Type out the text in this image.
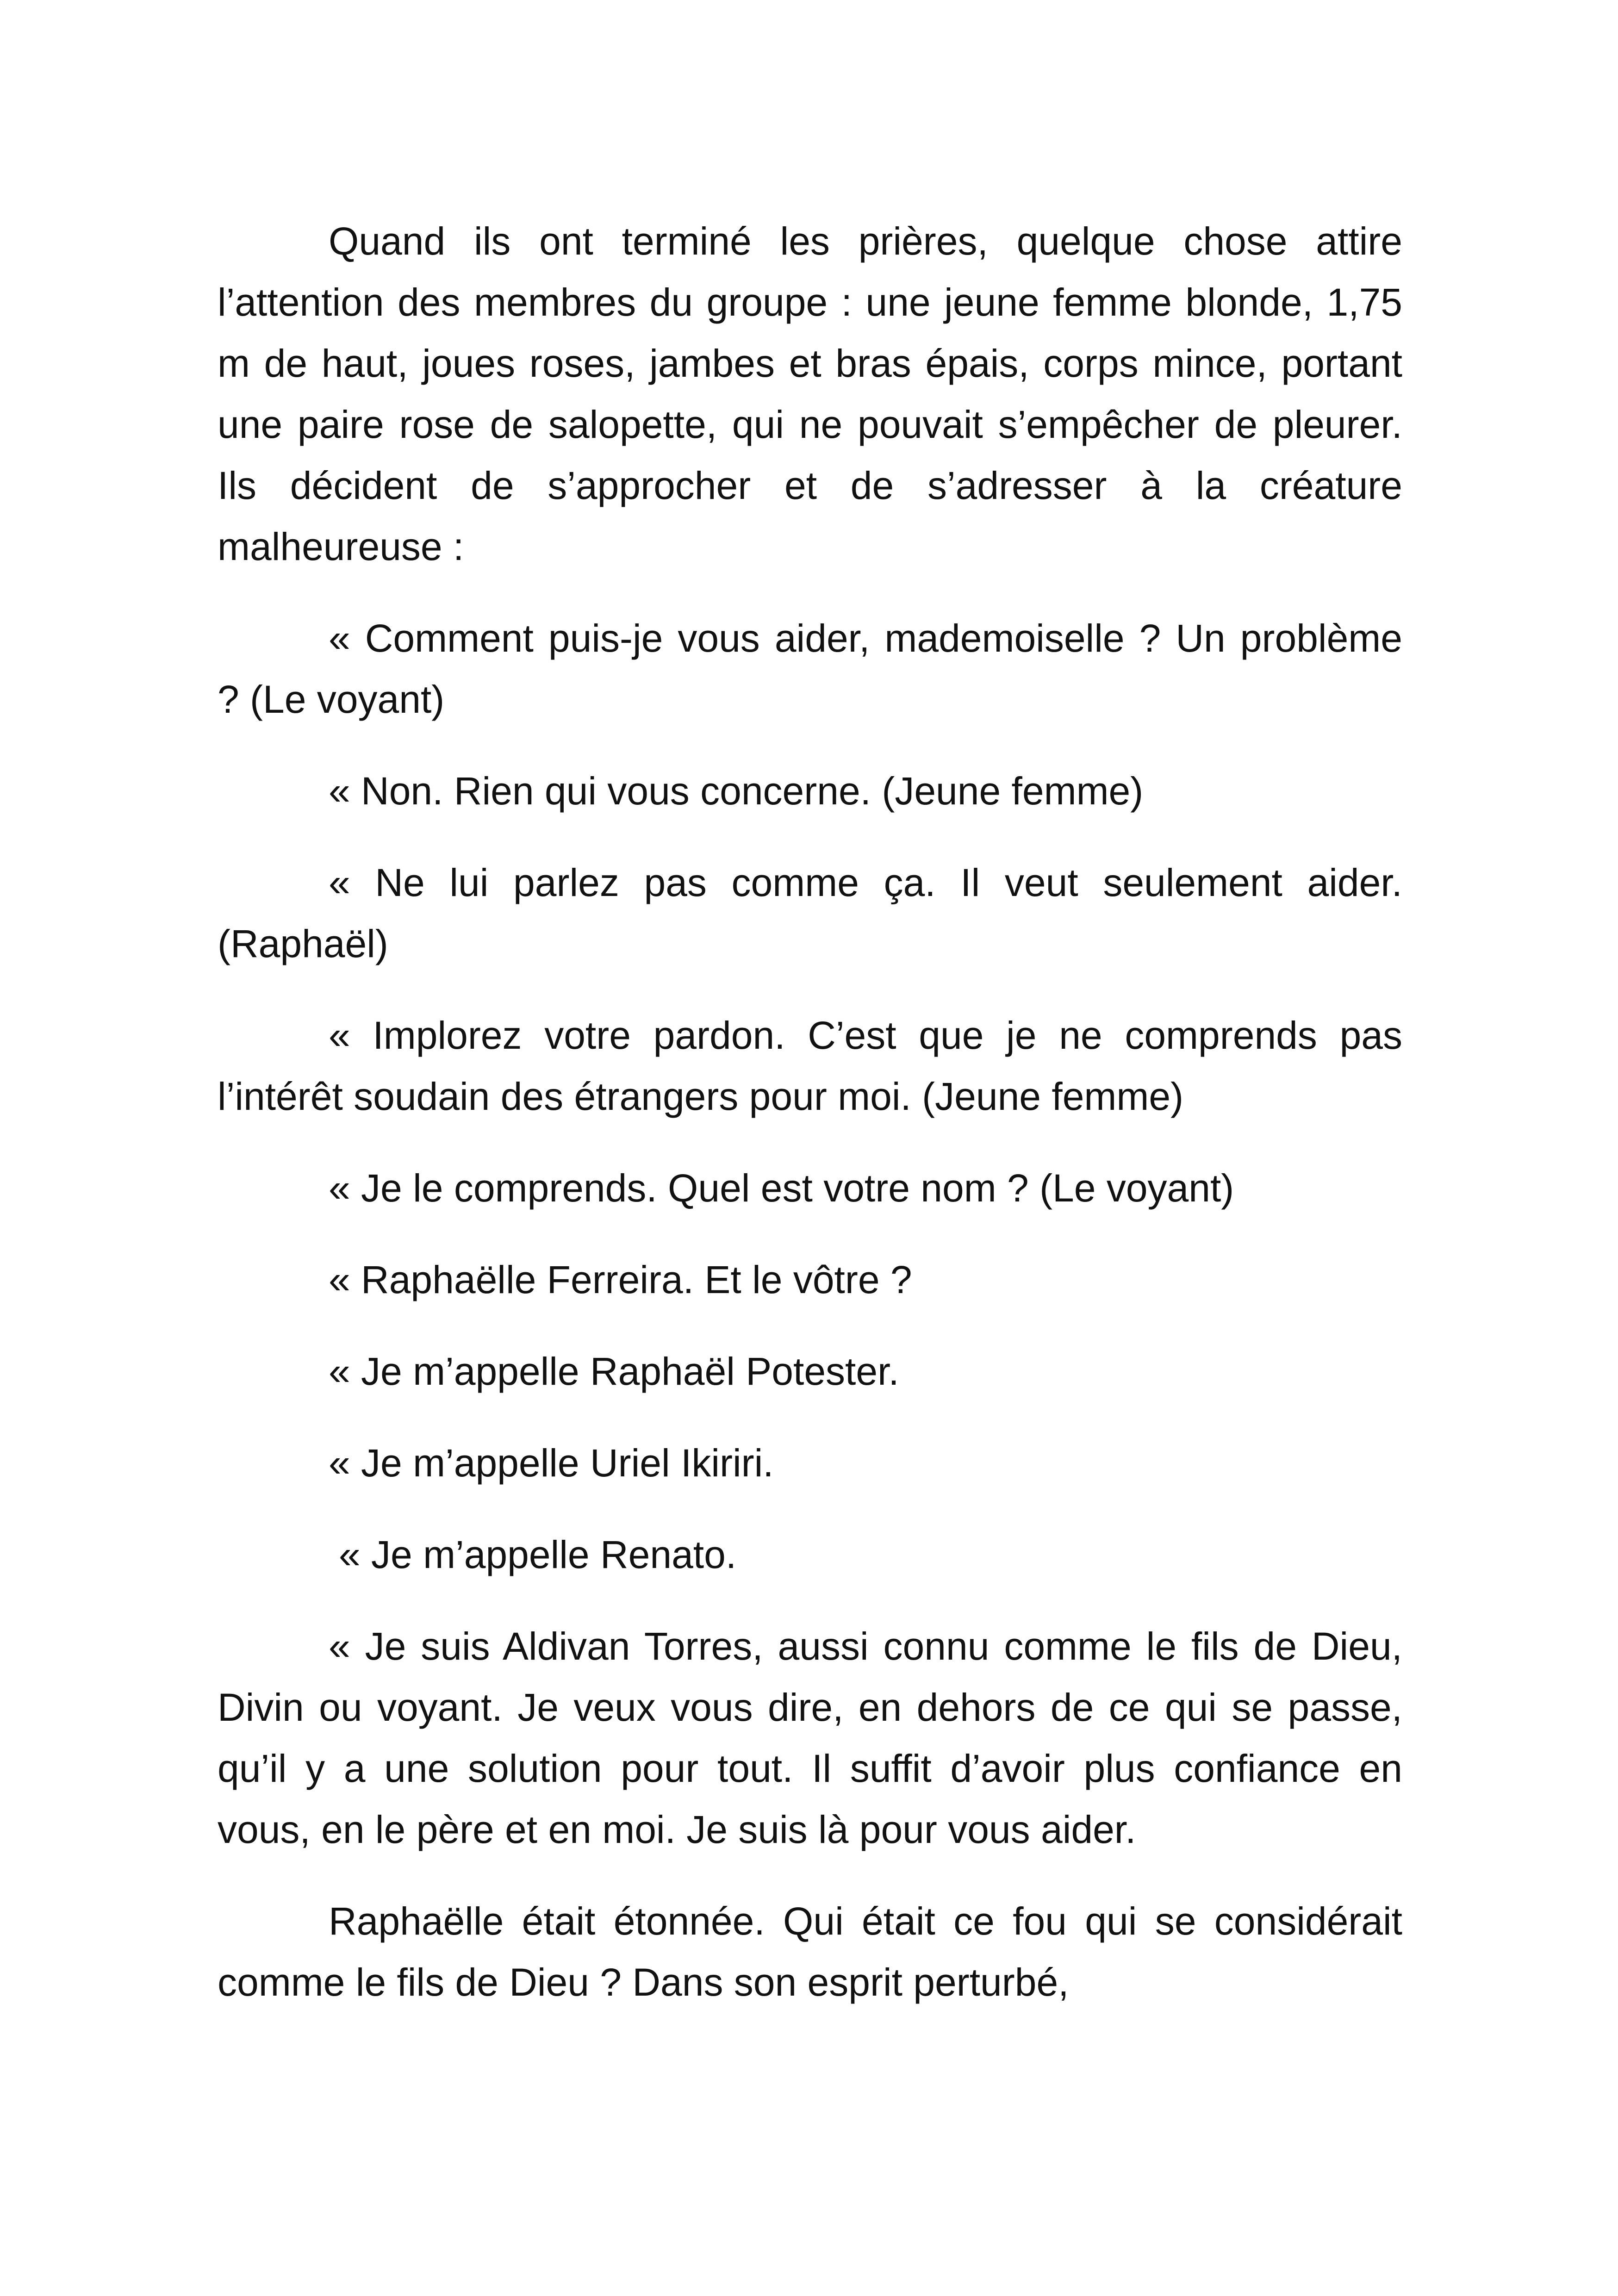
Quand ils ont terminé les prières, quelque chose attire l’attention des membres du groupe : une jeune femme blonde, 1,75 m de haut, joues roses, jambes et bras épais, corps mince, portant une paire rose de salopette, qui ne pouvait s’empêcher de pleurer. Ils décident de s’approcher et de s’adresser à la créature malheureuse :

« Comment puis-je vous aider, mademoiselle ? Un problème ? (Le voyant)

« Non. Rien qui vous concerne. (Jeune femme)

« Ne lui parlez pas comme ça. Il veut seulement aider. (Raphaël)

« Implorez votre pardon. C’est que je ne comprends pas l’intérêt soudain des étrangers pour moi. (Jeune femme)

« Je le comprends. Quel est votre nom ? (Le voyant)

« Raphaëlle Ferreira. Et le vôtre ?

« Je m’appelle Raphaël Potester.

« Je m’appelle Uriel Ikiriri.

« Je m’appelle Renato.

« Je suis Aldivan Torres, aussi connu comme le fils de Dieu, Divin ou voyant. Je veux vous dire, en dehors de ce qui se passe, qu’il y a une solution pour tout. Il suffit d’avoir plus confiance en vous, en le père et en moi. Je suis là pour vous aider.

Raphaëlle était étonnée. Qui était ce fou qui se considérait comme le fils de Dieu ? Dans son esprit perturbé,
